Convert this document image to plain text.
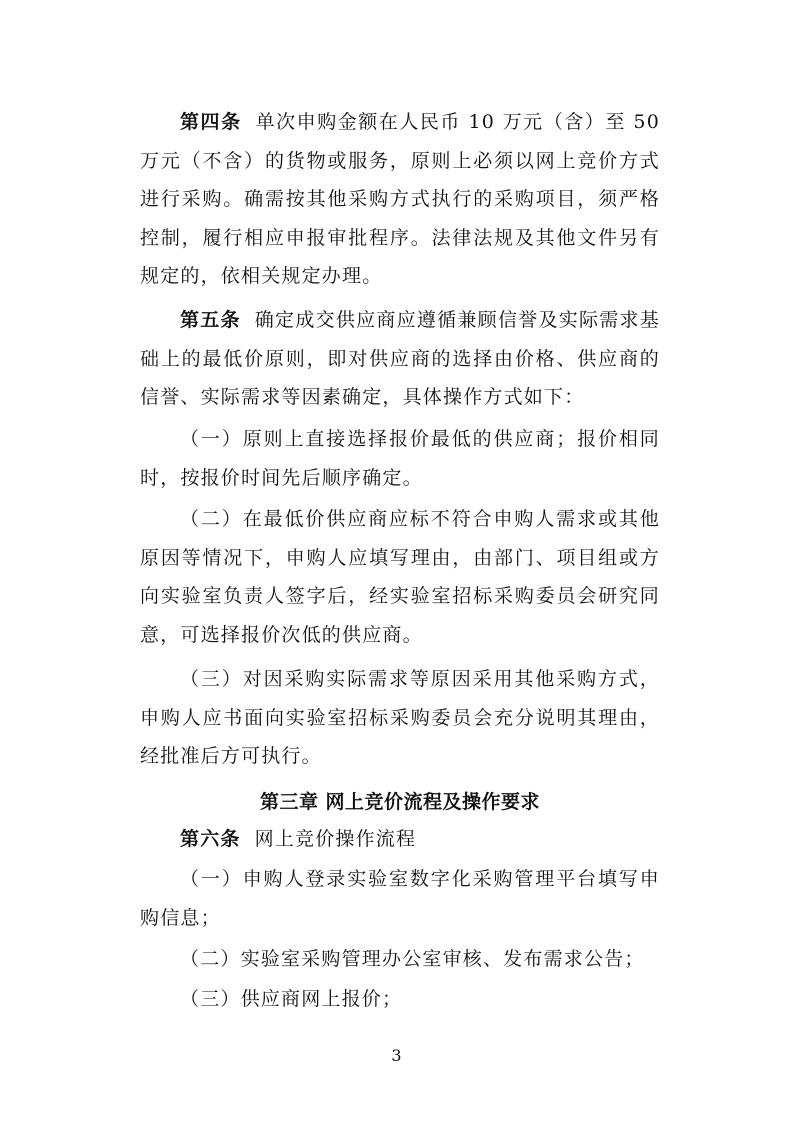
第四条 单次申购金额在人民币 10 万元（含）至 50 万元（不含）的货物或服务，原则上必须以网上竞价方式进行采购。确需按其他采购方式执行的采购项目，须严格控制，履行相应申报审批程序。法律法规及其他文件另有规定的，依相关规定办理。

第五条 确定成交供应商应遵循兼顾信誉及实际需求基础上的最低价原则，即对供应商的选择由价格、供应商的信誉、实际需求等因素确定，具体操作方式如下：

（一）原则上直接选择报价最低的供应商；报价相同时，按报价时间先后顺序确定。

（二）在最低价供应商应标不符合申购人需求或其他原因等情况下，申购人应填写理由，由部门、项目组或方向实验室负责人签字后，经实验室招标采购委员会研究同意，可选择报价次低的供应商。

（三）对因采购实际需求等原因采用其他采购方式，申购人应书面向实验室招标采购委员会充分说明其理由，经批准后方可执行。

第三章 网上竞价流程及操作要求

第六条 网上竞价操作流程

（一）申购人登录实验室数字化采购管理平台填写申购信息；

（二）实验室采购管理办公室审核、发布需求公告；

（三）供应商网上报价；

3
